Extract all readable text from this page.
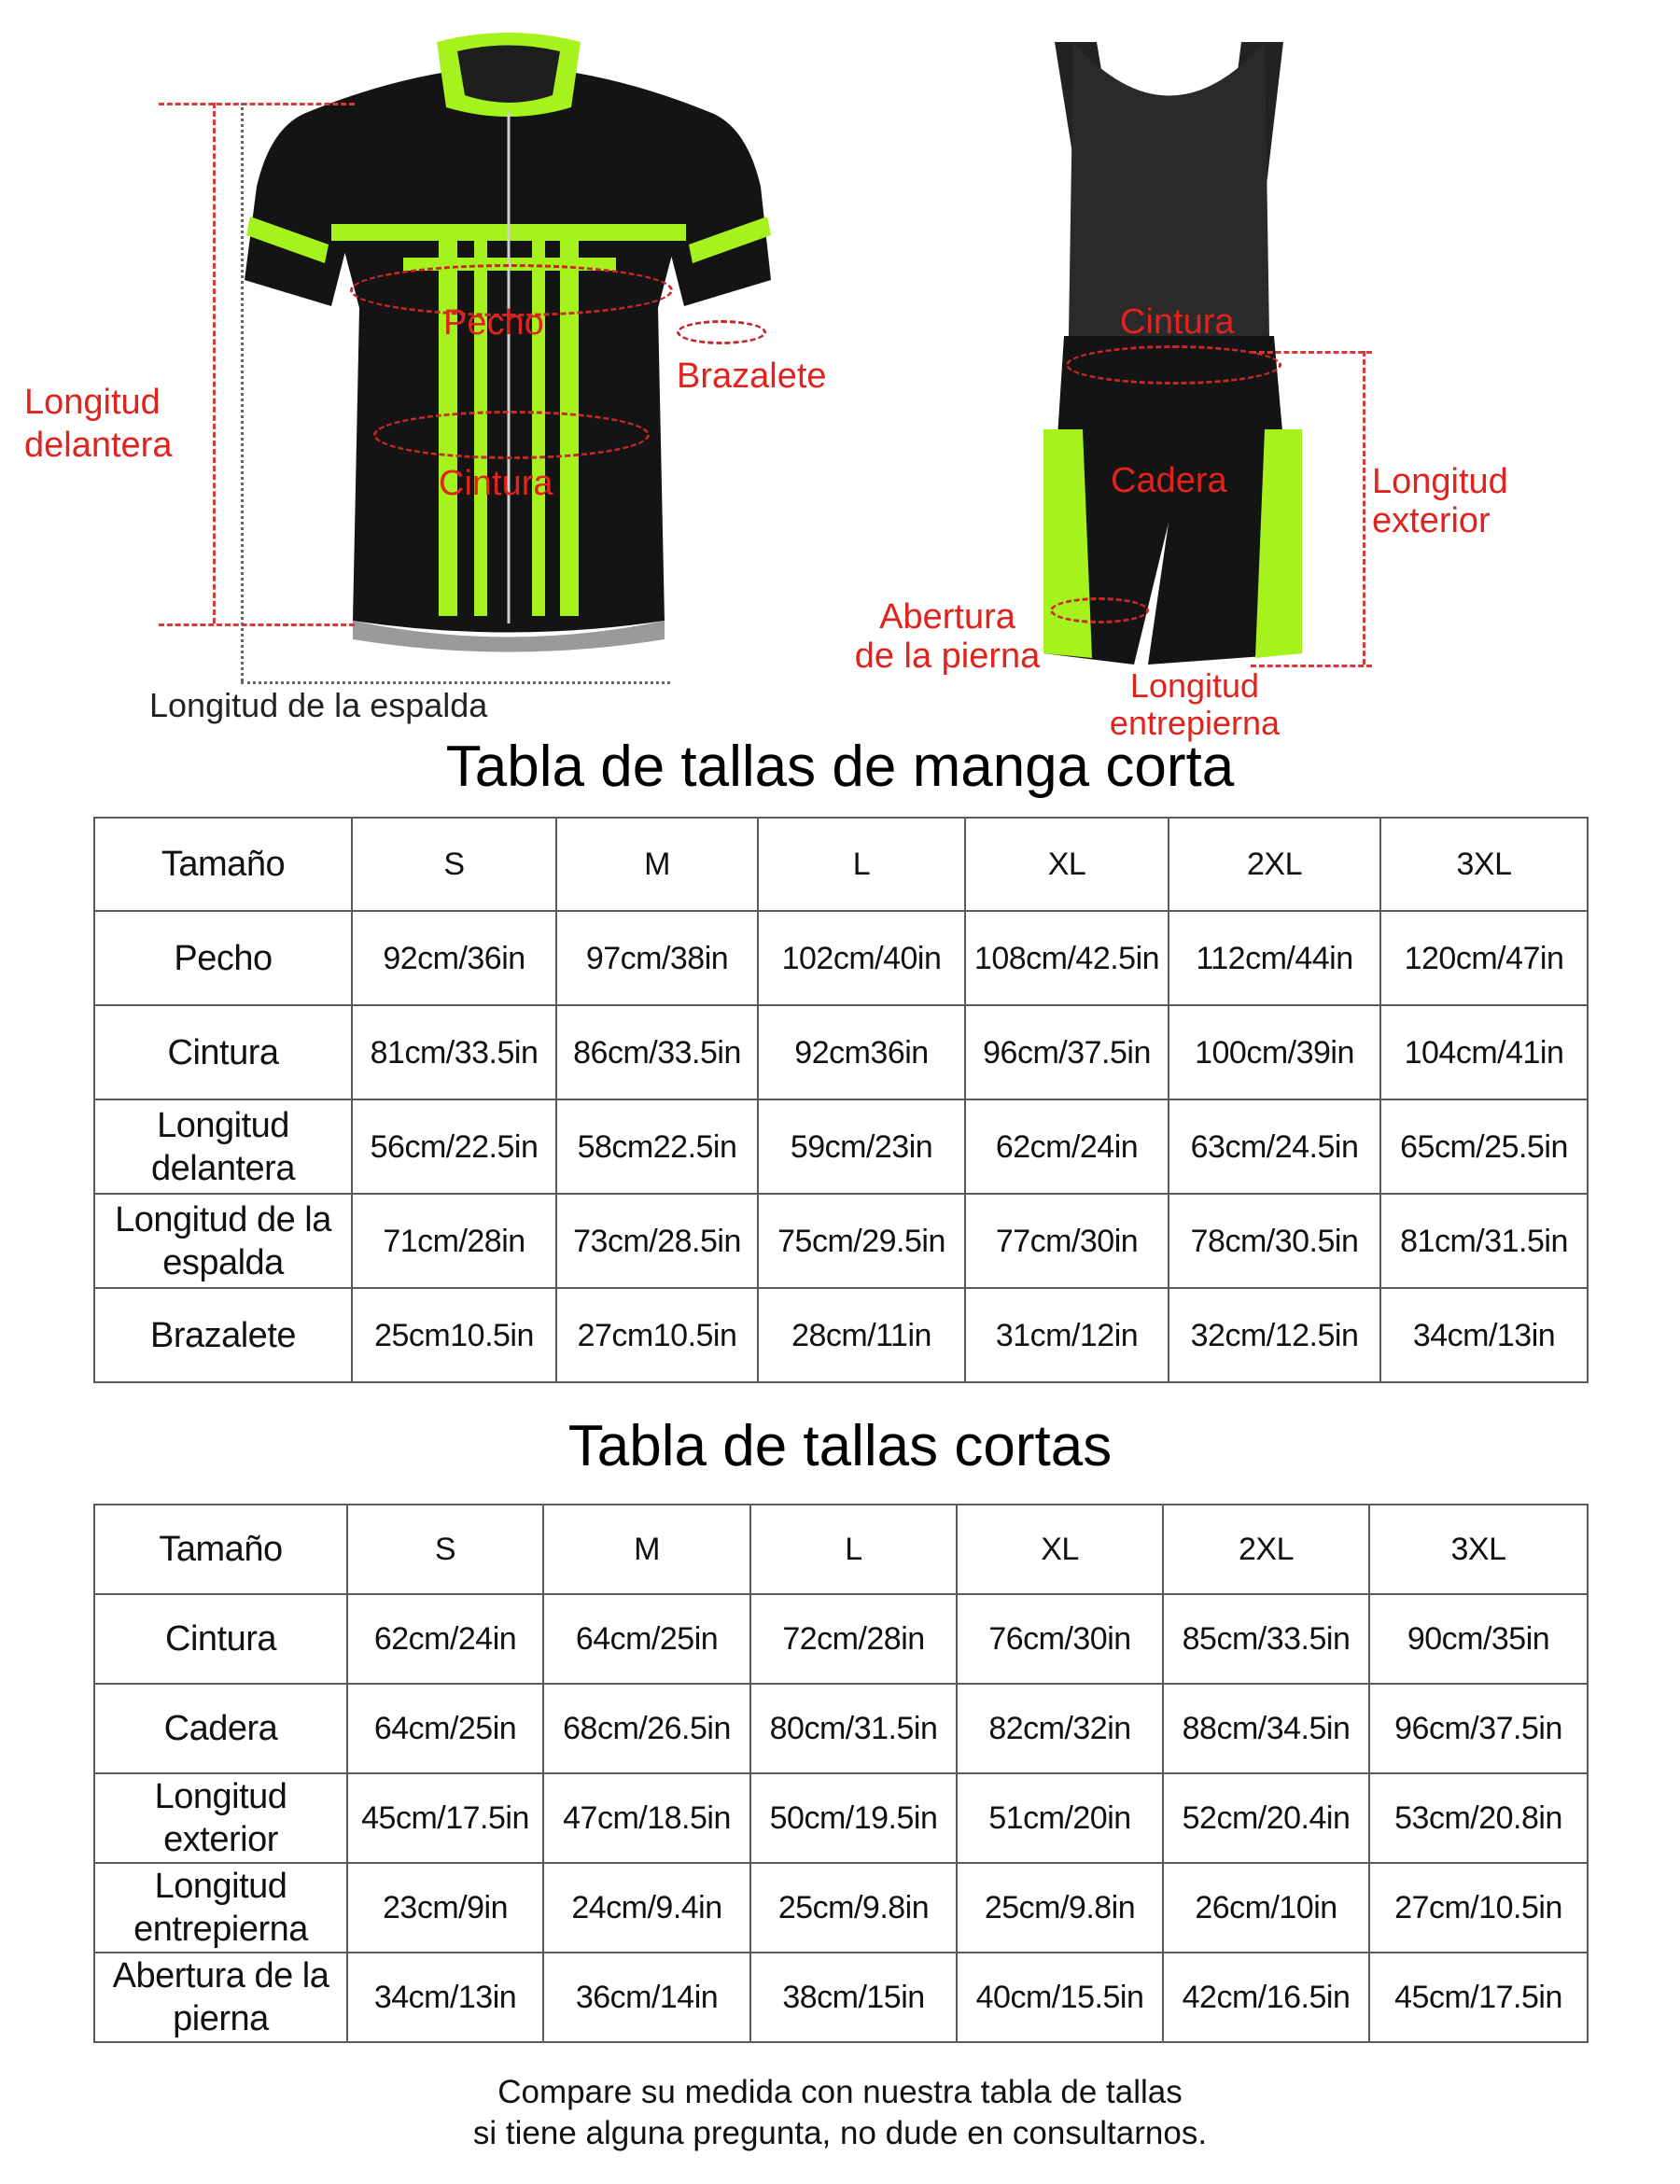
Longitud
delantera
Pecho
Brazalete
Cintura
Longitud de la espalda
Cintura
Cadera	Longitud
exterior
Abertura
de la pierna
Longitud
entrepierna
Tabla de tallas de manga corta
Tamaño	S	M	L	XL	2XL	3XL
Pecho	92cm/36in	97cm/38in	102cm/40in	108cm/42.5in	112cm/44in	120cm/47in
Cintura	81cm/33.5in	86cm/33.5in	92cm36in	96cm/37.5in	100cm/39in	104cm/41in
Longitud delantera	56cm/22.5in	58cm22.5in	59cm/23in	62cm/24in	63cm/24.5in	65cm/25.5in
Longitud de la espalda	71cm/28in	73cm/28.5in	75cm/29.5in	77cm/30in	78cm/30.5in	81cm/31.5in
Brazalete	25cm10.5in	27cm10.5in	28cm/11in	31cm/12in	32cm/12.5in	34cm/13in
Tabla de tallas cortas
Tamaño	S	M	L	XL	2XL	3XL
Cintura	62cm/24in	64cm/25in	72cm/28in	76cm/30in	85cm/33.5in	90cm/35in
Cadera	64cm/25in	68cm/26.5in	80cm/31.5in	82cm/32in	88cm/34.5in	96cm/37.5in
Longitud exterior	45cm/17.5in	47cm/18.5in	50cm/19.5in	51cm/20in	52cm/20.4in	53cm/20.8in
Longitud entrepierna	23cm/9in	24cm/9.4in	25cm/9.8in	25cm/9.8in	26cm/10in	27cm/10.5in
Abertura de la pierna	34cm/13in	36cm/14in	38cm/15in	40cm/15.5in	42cm/16.5in	45cm/17.5in
Compare su medida con nuestra tabla de tallas
si tiene alguna pregunta, no dude en consultarnos.
